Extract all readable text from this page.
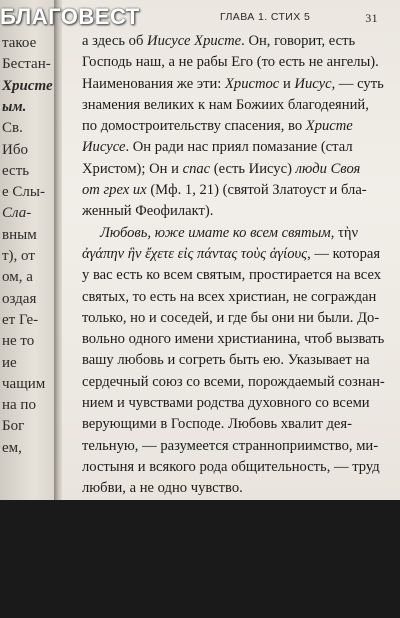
такое
Бестан-
Христе
ым.
Св.
Ибо
есть
е Слы-
Сла-
вным
т), от
ом, а
оздая
ет Ге-
не то
ие
чащим
на по
Бог
ем,
БЛАГОВЕСТ	ГЛАВА 1. СТИХ 5	31
а здесь об Иисусе Христе. Он, говорит, есть
Господь наш, а не рабы Его (то есть не ангелы).
Наименования же эти: Христос и Иисус, — суть
знамения великих к нам Божиих благодеяний,
по домостроительству спасения, во Христе
Иисусе. Он ради нас приял помазание (стал
Христом); Он и спас (есть Иисус) люди Своя
от грех их (Мф. 1, 21) (святой Златоуст и бла-
женный Феофилакт).
Любовь, юже имате ко всем святым, τὴν
ἀγάπην ἣν ἔχετε εἰς πάντας τοὺς ἁγίους, — которая
у вас есть ко всем святым, простирается на всех
святых, то есть на всех христиан, не сограждан
только, но и соседей, и где бы они ни были. До-
вольно одного имени христианина, чтоб вызвать
вашу любовь и согреть быть ею. Указывает на
сердечный союз со всеми, порождаемый сознан-
нием и чувствами родства духовного со всеми
верующими в Господе. Любовь хвалит дея-
тельную, — разумеется странноприимство, ми-
лостыня и всякого рода общительность, — труд
любви, а не одно чувство.
Стих 5. За упование отложенное вам на не-
бесех, еже прежде слышасте в словеси истины
благовествования.
Под упованием разумеется уповаемое, именно
будущие блага (святой Златоуст), отложенные,
